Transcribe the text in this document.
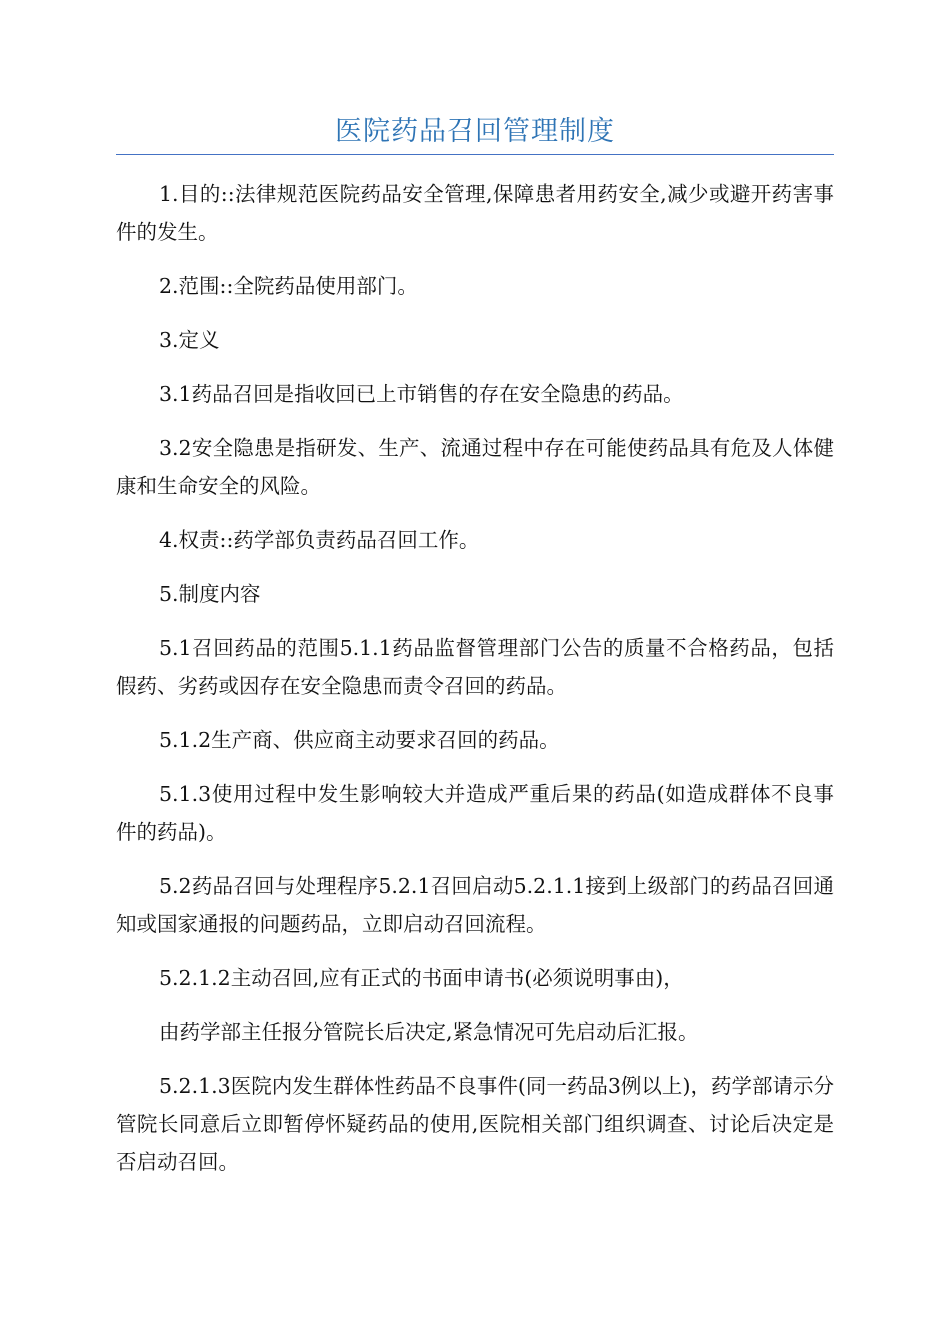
医院药品召回管理制度

1.目的::法律规范医院药品安全管理,保障患者用药安全,减少或避开药害事件的发生。

2.范围::全院药品使用部门。

3.定义

3.1药品召回是指收回已上市销售的存在安全隐患的药品。

3.2安全隐患是指研发、生产、流通过程中存在可能使药品具有危及人体健康和生命安全的风险。

4.权责::药学部负责药品召回工作。

5.制度内容

5.1召回药品的范围5.1.1药品监督管理部门公告的质量不合格药品，包括假药、劣药或因存在安全隐患而责令召回的药品。

5.1.2生产商、供应商主动要求召回的药品。

5.1.3使用过程中发生影响较大并造成严重后果的药品(如造成群体不良事件的药品)。

5.2药品召回与处理程序5.2.1召回启动5.2.1.1接到上级部门的药品召回通知或国家通报的问题药品，立即启动召回流程。

5.2.1.2主动召回,应有正式的书面申请书(必须说明事由)，

由药学部主任报分管院长后决定,紧急情况可先启动后汇报。

5.2.1.3医院内发生群体性药品不良事件(同一药品3例以上)，药学部请示分管院长同意后立即暂停怀疑药品的使用,医院相关部门组织调查、讨论后决定是否启动召回。
